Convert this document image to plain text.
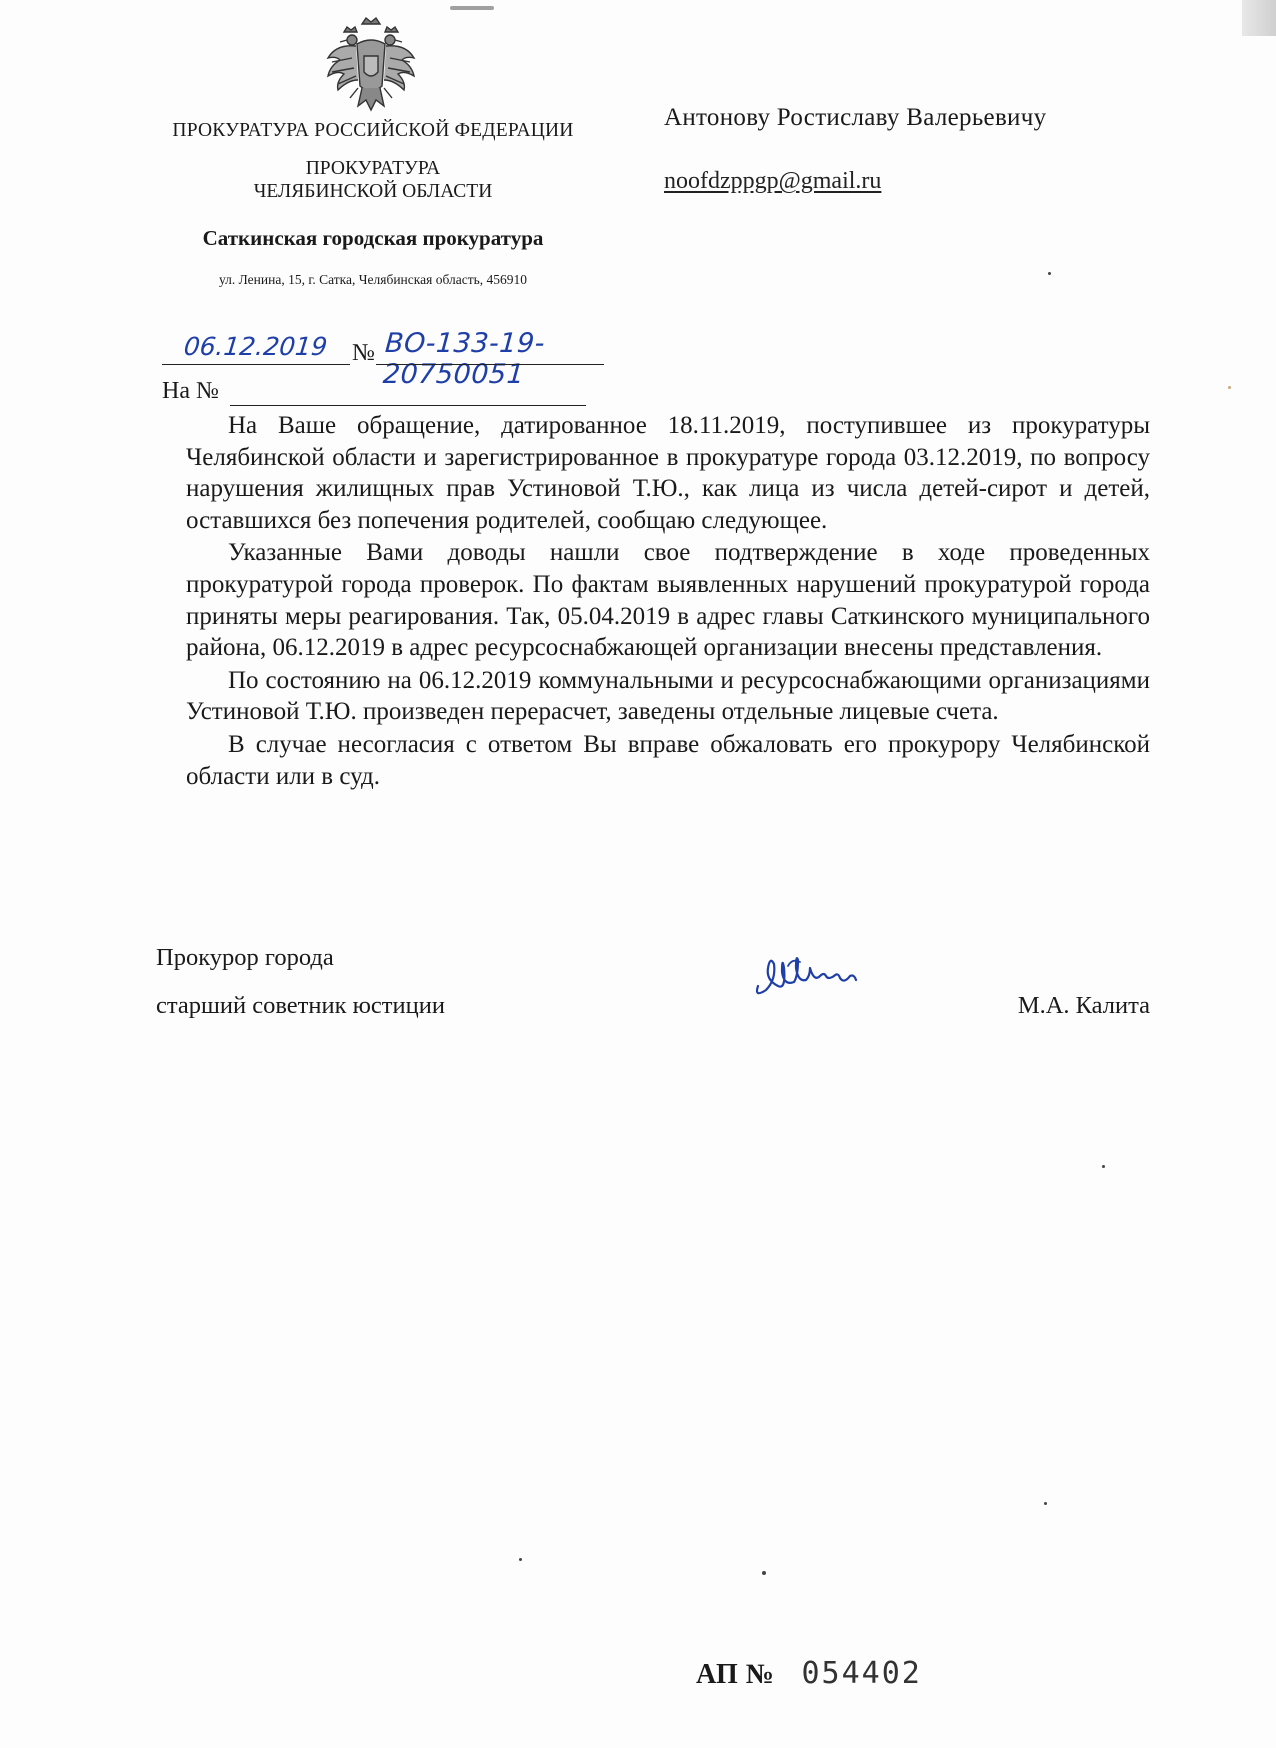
ПРОКУРАТУРА РОССИЙСКОЙ ФЕДЕРАЦИИ
ПРОКУРАТУРА
ЧЕЛЯБИНСКОЙ ОБЛАСТИ
Саткинская городская прокуратура
ул. Ленина, 15, г. Сатка, Челябинская область, 456910
Антонову Ростиславу Валерьевичу
noofdzppgp@gmail.ru
06.12.2019 № ВО-133-19-20750051
На №

На Ваше обращение, датированное 18.11.2019, поступившее из прокуратуры Челябинской области и зарегистрированное в прокуратуре города 03.12.2019, по вопросу нарушения жилищных прав Устиновой Т.Ю., как лица из числа детей-сирот и детей, оставшихся без попечения родителей, сообщаю следующее.

Указанные Вами доводы нашли свое подтверждение в ходе проведенных прокуратурой города проверок. По фактам выявленных нарушений прокуратурой города приняты меры реагирования. Так, 05.04.2019 в адрес главы Саткинского муниципального района, 06.12.2019 в адрес ресурсоснабжающей организации внесены представления.

По состоянию на 06.12.2019 коммунальными и ресурсоснабжающими организациями Устиновой Т.Ю. произведен перерасчет, заведены отдельные лицевые счета.

В случае несогласия с ответом Вы вправе обжаловать его прокурору Челябинской области или в суд.

Прокурор города
старший советник юстиции	М.А. Калита
АП № 054402
